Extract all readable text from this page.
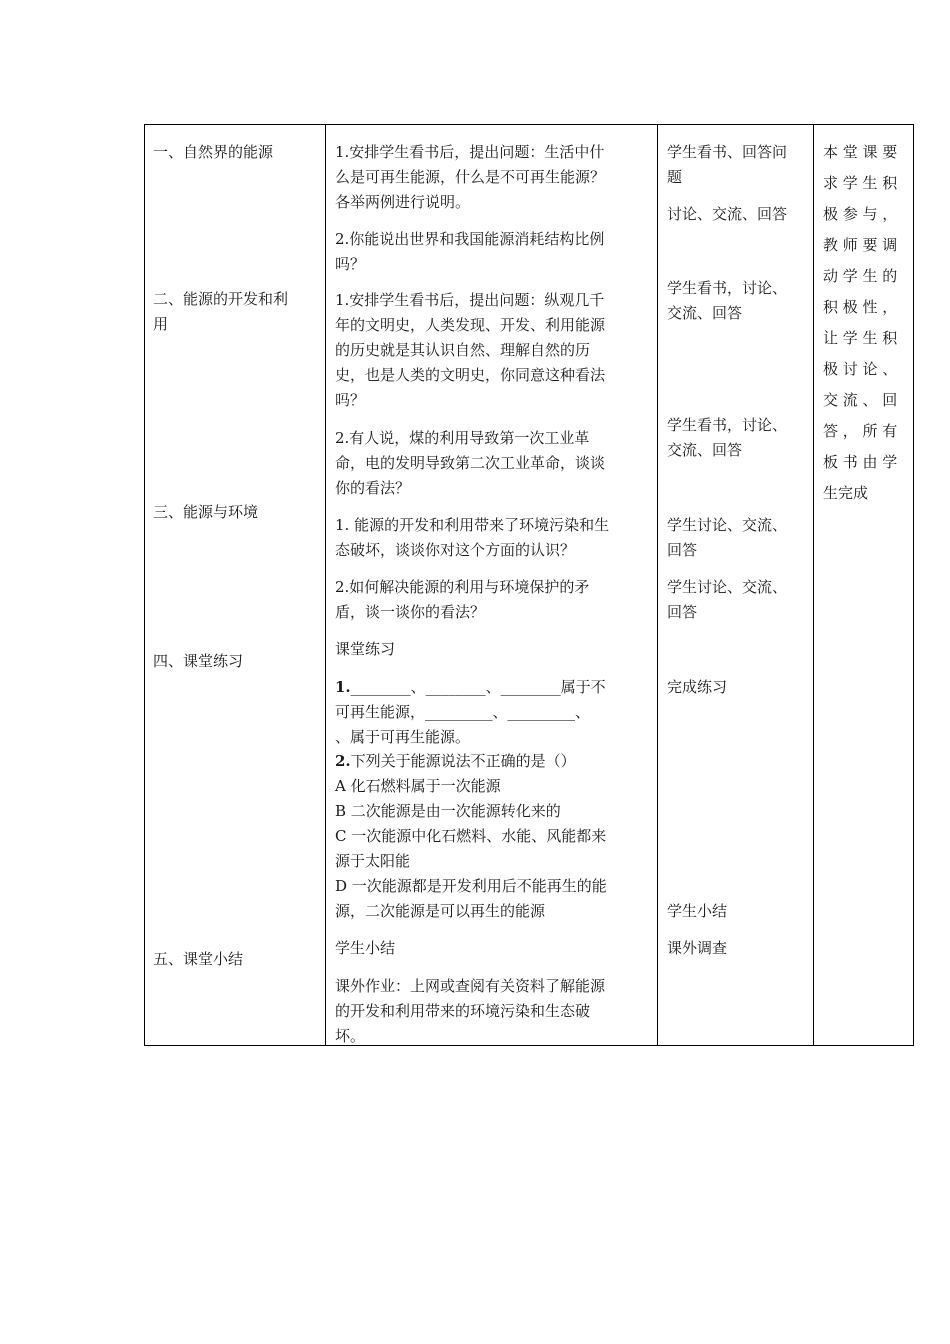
一、自然界的能源
二、能源的开发和利
用
三、能源与环境
四、课堂练习
五、课堂小结
1.安排学生看书后，提出问题：生活中什
么是可再生能源，什么是不可再生能源？
各举两例进行说明。
2.你能说出世界和我国能源消耗结构比例
吗？
1.安排学生看书后，提出问题：纵观几千
年的文明史，人类发现、开发、利用能源
的历史就是其认识自然、理解自然的历
史，也是人类的文明史，你同意这种看法
吗？
2.有人说，煤的利用导致第一次工业革
命，电的发明导致第二次工业革命，谈谈
你的看法？
1. 能源的开发和利用带来了环境污染和生
态破坏，谈谈你对这个方面的认识？
2.如何解决能源的利用与环境保护的矛
盾，谈一谈你的看法？
课堂练习
1.________、________、________属于不
可再生能源，_________、_________、
、属于可再生能源。
2.下列关于能源说法不正确的是（）
A 化石燃料属于一次能源
B 二次能源是由一次能源转化来的
C 一次能源中化石燃料、水能、风能都来
源于太阳能
D 一次能源都是开发利用后不能再生的能
源，二次能源是可以再生的能源
学生小结
课外作业：上网或查阅有关资料了解能源
的开发和利用带来的环境污染和生态破
坏。
学生看书、回答问
题
讨论、交流、回答
学生看书，讨论、
交流、回答
学生看书，讨论、
交流、回答
学生讨论、交流、
回答
学生讨论、交流、
回答
完成练习
学生小结
课外调查
本 堂 课 要
求 学 生 积
极 参 与 ，
教 师 要 调
动 学 生 的
积 极 性 ，
让 学 生 积
极 讨 论 、
交 流 、 回
答 ， 所 有
板 书 由 学
生完成
